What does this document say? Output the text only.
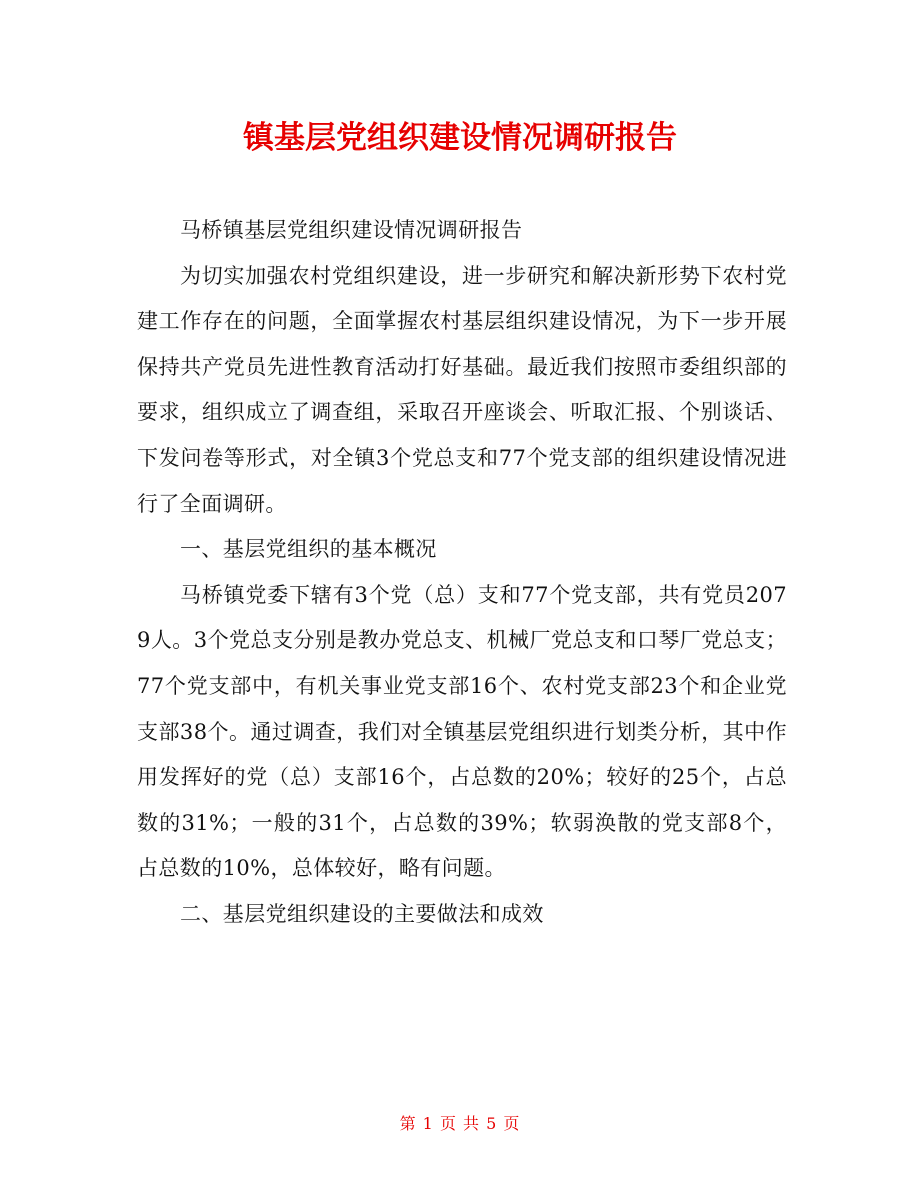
镇基层党组织建设情况调研报告

马桥镇基层党组织建设情况调研报告

为切实加强农村党组织建设，进一步研究和解决新形势下农村党建工作存在的问题，全面掌握农村基层组织建设情况，为下一步开展保持共产党员先进性教育活动打好基础。最近我们按照市委组织部的要求，组织成立了调查组，采取召开座谈会、听取汇报、个别谈话、下发问卷等形式，对全镇3个党总支和77个党支部的组织建设情况进行了全面调研。

一、基层党组织的基本概况

马桥镇党委下辖有3个党（总）支和77个党支部，共有党员2079人。3个党总支分别是教办党总支、机械厂党总支和口琴厂党总支；77个党支部中，有机关事业党支部16个、农村党支部23个和企业党支部38个。通过调查，我们对全镇基层党组织进行划类分析，其中作用发挥好的党（总）支部16个，占总数的20%；较好的25个，占总数的31%；一般的31个，占总数的39%；软弱涣散的党支部8个，占总数的10%，总体较好，略有问题。

二、基层党组织建设的主要做法和成效

第 1 页 共 5 页
